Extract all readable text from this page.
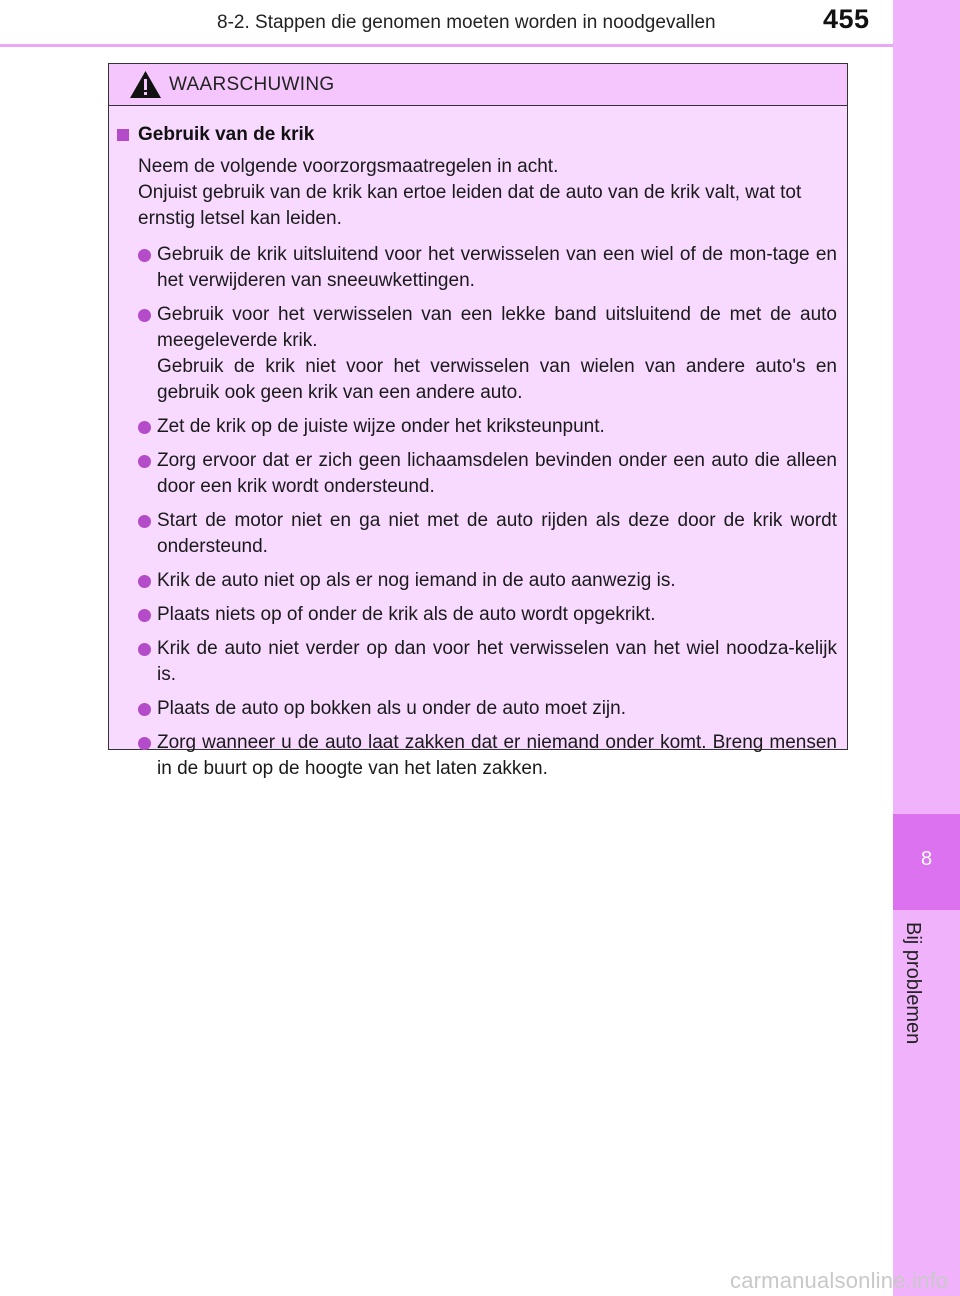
8-2. Stappen die genomen moeten worden in noodgevallen	455
8
Bij problemen
WAARSCHUWING
Gebruik van de krik
Neem de volgende voorzorgsmaatregelen in acht.
Onjuist gebruik van de krik kan ertoe leiden dat de auto van de krik valt, wat tot ernstig letsel kan leiden.
Gebruik de krik uitsluitend voor het verwisselen van een wiel of de mon-tage en het verwijderen van sneeuwkettingen.
Gebruik voor het verwisselen van een lekke band uitsluitend de met de auto meegeleverde krik.
Gebruik de krik niet voor het verwisselen van wielen van andere auto's en gebruik ook geen krik van een andere auto.
Zet de krik op de juiste wijze onder het kriksteunpunt.
Zorg ervoor dat er zich geen lichaamsdelen bevinden onder een auto die alleen door een krik wordt ondersteund.
Start de motor niet en ga niet met de auto rijden als deze door de krik wordt ondersteund.
Krik de auto niet op als er nog iemand in de auto aanwezig is.
Plaats niets op of onder de krik als de auto wordt opgekrikt.
Krik de auto niet verder op dan voor het verwisselen van het wiel noodza-kelijk is.
Plaats de auto op bokken als u onder de auto moet zijn.
Zorg wanneer u de auto laat zakken dat er niemand onder komt. Breng mensen in de buurt op de hoogte van het laten zakken.
carmanualsonline.info
